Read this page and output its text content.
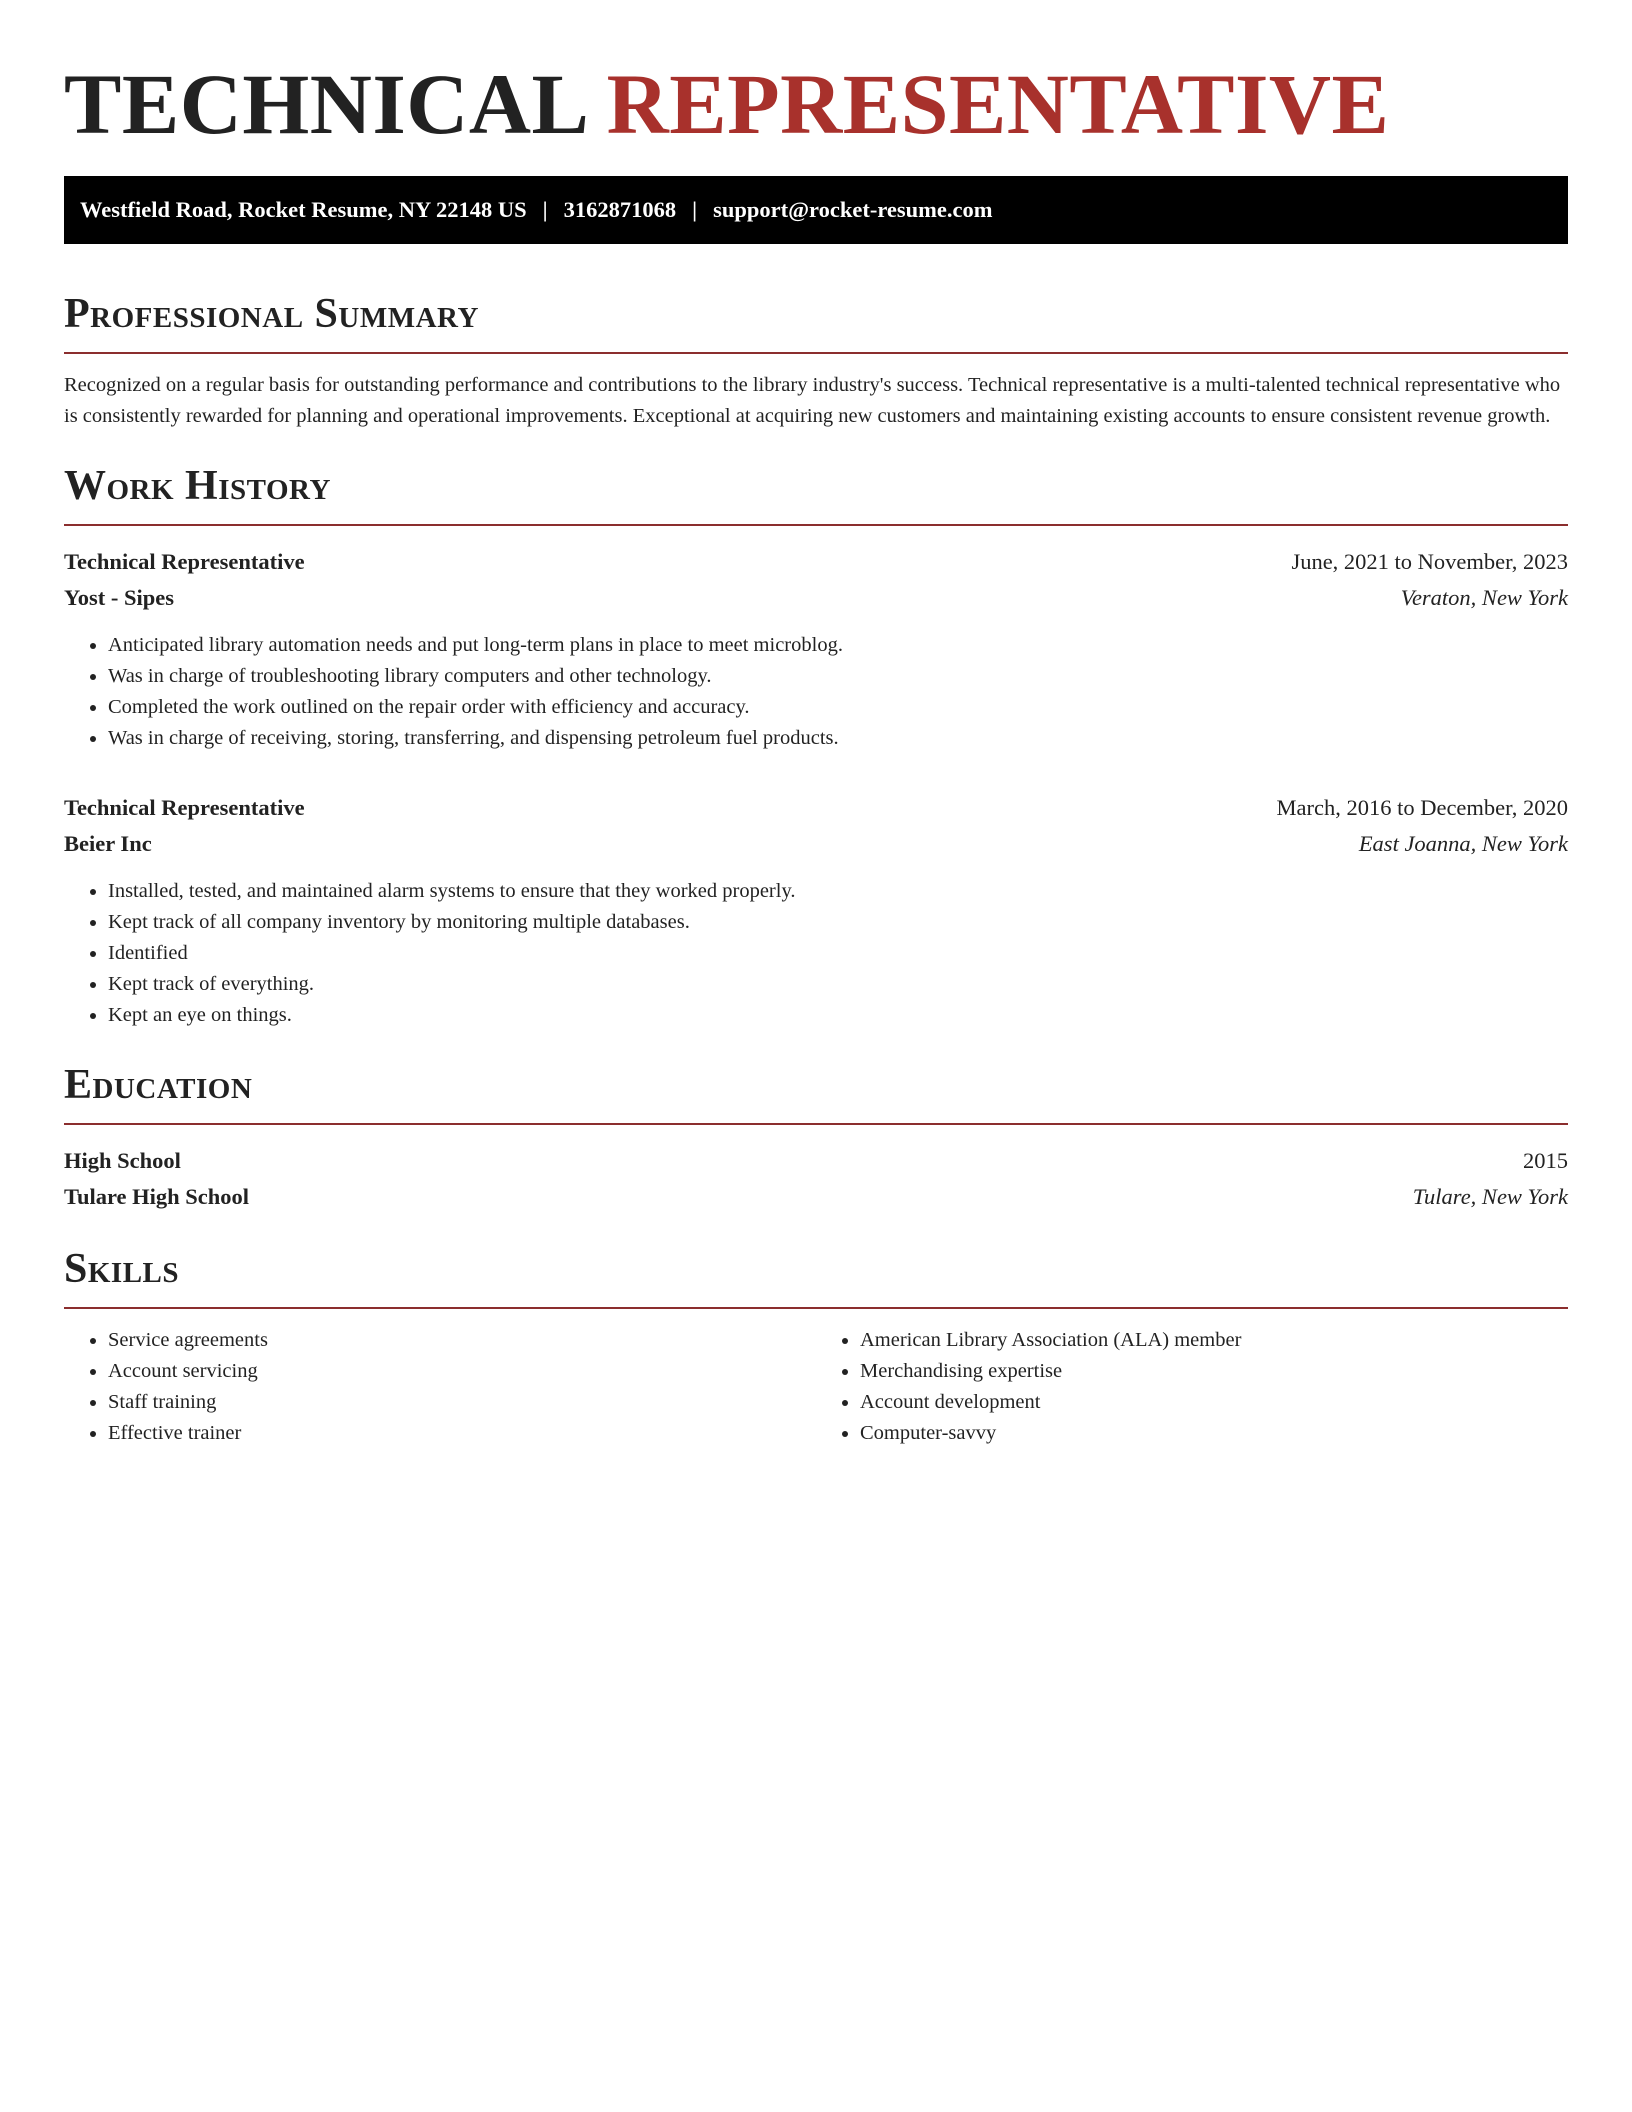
TECHNICAL REPRESENTATIVE
Westfield Road, Rocket Resume, NY 22148 US | 3162871068 | support@rocket-resume.com
Professional Summary

Recognized on a regular basis for outstanding performance and contributions to the library industry's success. Technical representative is a multi-talented technical representative who is consistently rewarded for planning and operational improvements. Exceptional at acquiring new customers and maintaining existing accounts to ensure consistent revenue growth.

Work History
Technical Representative	June, 2021 to November, 2023
Yost - Sipes	Veraton, New York
• Anticipated library automation needs and put long-term plans in place to meet microblog.
• Was in charge of troubleshooting library computers and other technology.
• Completed the work outlined on the repair order with efficiency and accuracy.
• Was in charge of receiving, storing, transferring, and dispensing petroleum fuel products.
Technical Representative	March, 2016 to December, 2020
Beier Inc	East Joanna, New York
• Installed, tested, and maintained alarm systems to ensure that they worked properly.
• Kept track of all company inventory by monitoring multiple databases.
• Identified
• Kept track of everything.
• Kept an eye on things.
Education
High School	2015
Tulare High School	Tulare, New York
Skills
• Service agreements
• Account servicing
• Staff training
• Effective trainer
• American Library Association (ALA) member
• Merchandising expertise
• Account development
• Computer-savvy
